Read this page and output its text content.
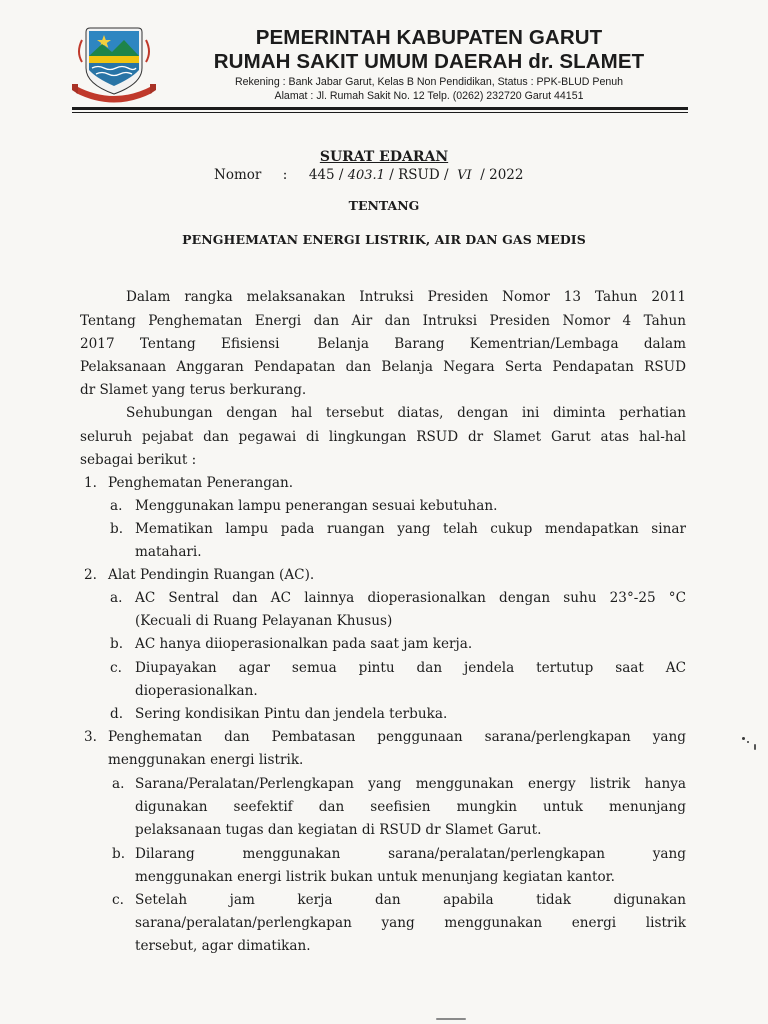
PEMERINTAH KABUPATEN GARUT
RUMAH SAKIT UMUM DAERAH dr. SLAMET
Rekening : Bank Jabar Garut, Kelas B Non Pendidikan, Status : PPK-BLUD Penuh
Alamat : Jl. Rumah Sakit No. 12 Telp. (0262) 232720 Garut 44151
SURAT EDARAN
Nomor : 445 / 403.1 / RSUD / VI / 2022
TENTANG
PENGHEMATAN ENERGI LISTRIK, AIR DAN GAS MEDIS
Dalam rangka melaksanakan Intruksi Presiden Nomor 13 Tahun 2011
Tentang Penghematan Energi dan Air dan Intruksi Presiden Nomor 4 Tahun
2017    Tentang    Efisiensi      Belanja    Barang    Kementrian/Lembaga    dalam
Pelaksanaan Anggaran Pendapatan dan Belanja Negara Serta Pendapatan RSUD
dr Slamet yang terus berkurang.
Sehubungan dengan hal tersebut diatas, dengan ini diminta perhatian
seluruh pejabat dan pegawai di lingkungan RSUD dr Slamet Garut atas hal-hal
sebagai berikut :
1. Penghematan Penerangan.
a. Menggunakan lampu penerangan sesuai kebutuhan.
b. Mematikan lampu pada ruangan yang telah cukup mendapatkan sinar
matahari.
2. Alat Pendingin Ruangan (AC).
a. AC Sentral dan AC lainnya dioperasionalkan dengan suhu 23°-25 °C
(Kecuali di Ruang Pelayanan Khusus)
b. AC hanya diioperasionalkan pada saat jam kerja.
c. Diupayakan    agar    semua    pintu    dan    jendela    tertutup    saat    AC
dioperasionalkan.
d. Sering kondisikan Pintu dan jendela terbuka.
3. Penghematan   dan   Pembatasan   penggunaan   sarana/perlengkapan   yang
menggunakan energi listrik.
a. Sarana/Peralatan/Perlengkapan yang menggunakan energy listrik hanya
digunakan     seefektif     dan     seefisien     mungkin     untuk     menunjang
pelaksanaan tugas dan kegiatan di RSUD dr Slamet Garut.
b. Dilarang       menggunakan       sarana/peralatan/perlengkapan       yang
menggunakan energi listrik bukan untuk menunjang kegiatan kantor.
c. Setelah      jam      kerja      dan      apabila      tidak      digunakan
sarana/peralatan/perlengkapan    yang    menggunakan    energi    listrik
tersebut, agar dimatikan.
